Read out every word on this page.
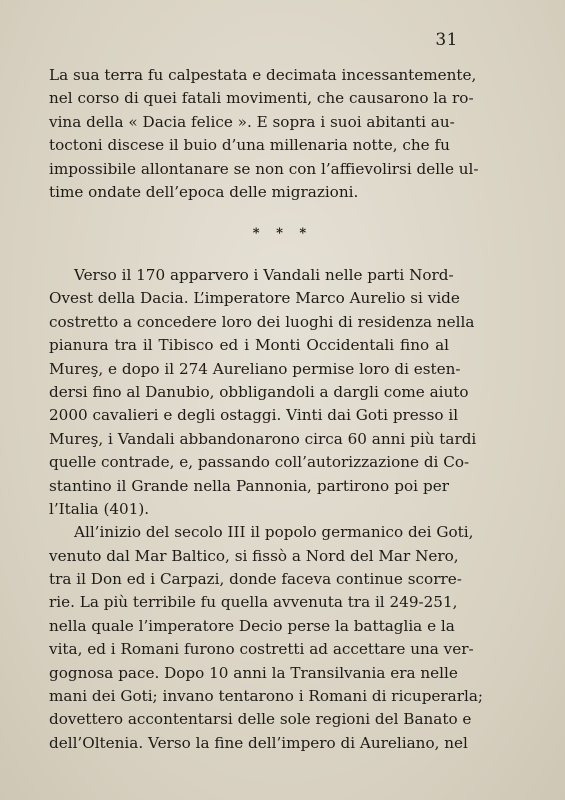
31
La sua terra fu calpestata e decimata incessantemente,
nel corso di quei fatali movimenti, che causarono la ro-
vina della « Dacia felice ». E sopra i suoi abitanti au-
toctoni discese il buio d’una millenaria notte, che fu
impossibile allontanare se non con l’affievolirsi delle ul-
time ondate dell’epoca delle migrazioni.
* * *
Verso il 170 apparvero i Vandali nelle parti Nord-
Ovest della Dacia. L’imperatore Marco Aurelio si vide
costretto a concedere loro dei luoghi di residenza nella
pianura tra il Tibisco ed i Monti Occidentali fino al
Mureş, e dopo il 274 Aureliano permise loro di esten-
dersi fino al Danubio, obbligandoli a dargli come aiuto
2000 cavalieri e degli ostaggi. Vinti dai Goti presso il
Mureş, i Vandali abbandonarono circa 60 anni più tardi
quelle contrade, e, passando coll’autorizzazione di Co-
stantino il Grande nella Pannonia, partirono poi per
l’Italia (401).
All’inizio del secolo III il popolo germanico dei Goti,
venuto dal Mar Baltico, si fissò a Nord del Mar Nero,
tra il Don ed i Carpazi, donde faceva continue scorre-
rie. La più terribile fu quella avvenuta tra il 249-251,
nella quale l’imperatore Decio perse la battaglia e la
vita, ed i Romani furono costretti ad accettare una ver-
gognosa pace. Dopo 10 anni la Transilvania era nelle
mani dei Goti; invano tentarono i Romani di ricuperarla;
dovettero accontentarsi delle sole regioni del Banato e
dell’Oltenia. Verso la fine dell’impero di Aureliano, nel
